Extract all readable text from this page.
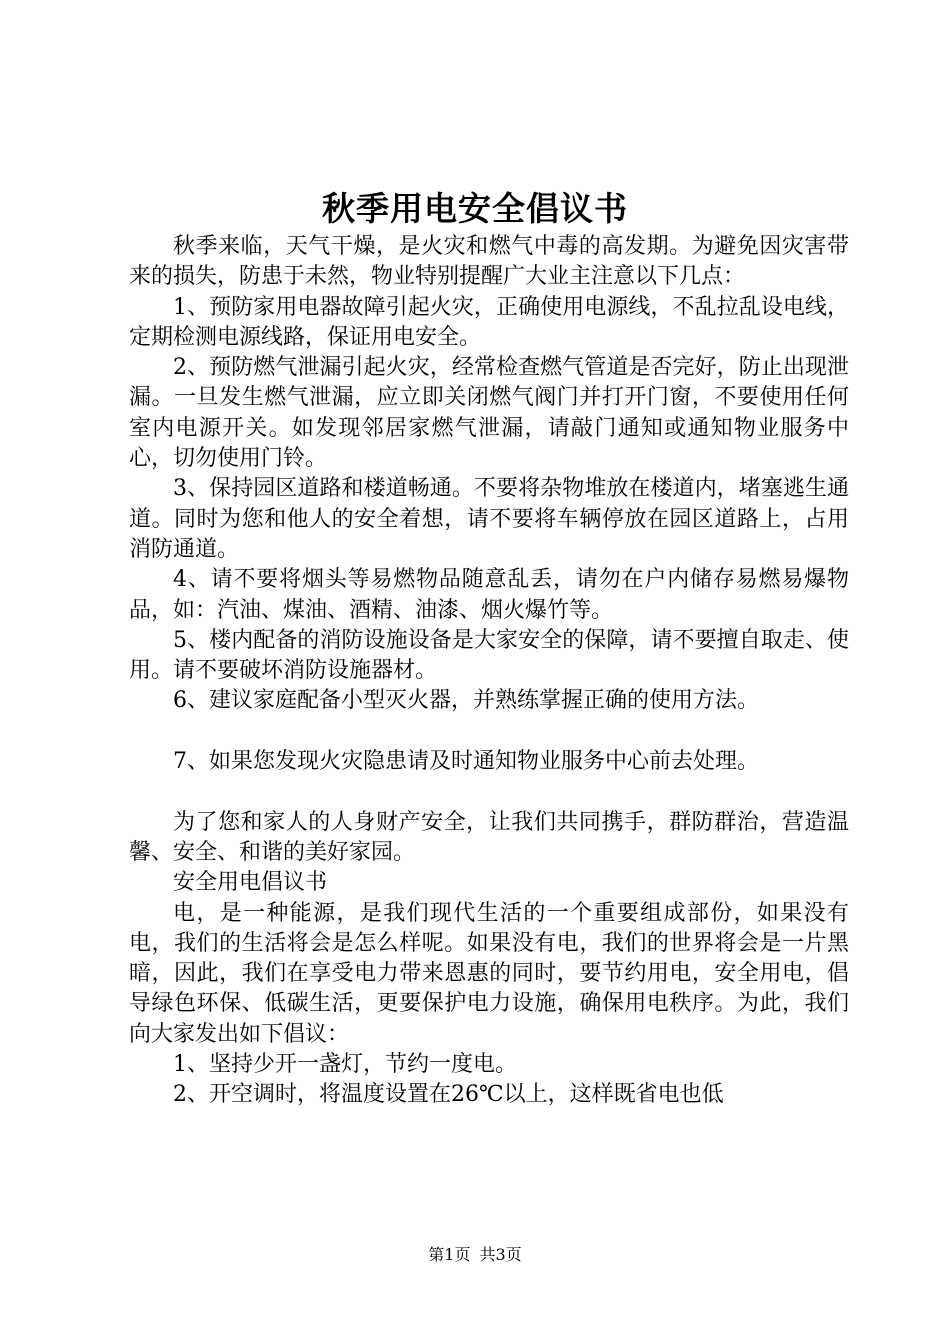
秋季用电安全倡议书

秋季来临，天气干燥，是火灾和燃气中毒的高发期。为避免因灾害带来的损失，防患于未然，物业特别提醒广大业主注意以下几点：

1、预防家用电器故障引起火灾，正确使用电源线，不乱拉乱设电线，定期检测电源线路，保证用电安全。

2、预防燃气泄漏引起火灾，经常检查燃气管道是否完好，防止出现泄漏。一旦发生燃气泄漏，应立即关闭燃气阀门并打开门窗，不要使用任何室内电源开关。如发现邻居家燃气泄漏，请敲门通知或通知物业服务中心，切勿使用门铃。

3、保持园区道路和楼道畅通。不要将杂物堆放在楼道内，堵塞逃生通道。同时为您和他人的安全着想，请不要将车辆停放在园区道路上，占用消防通道。

4、请不要将烟头等易燃物品随意乱丢，请勿在户内储存易燃易爆物品，如：汽油、煤油、酒精、油漆、烟火爆竹等。

5、楼内配备的消防设施设备是大家安全的保障，请不要擅自取走、使用。请不要破坏消防设施器材。

6、建议家庭配备小型灭火器，并熟练掌握正确的使用方法。

7、如果您发现火灾隐患请及时通知物业服务中心前去处理。

为了您和家人的人身财产安全，让我们共同携手，群防群治，营造温馨、安全、和谐的美好家园。

安全用电倡议书

电，是一种能源，是我们现代生活的一个重要组成部份，如果没有电，我们的生活将会是怎么样呢。如果没有电，我们的世界将会是一片黑暗，因此，我们在享受电力带来恩惠的同时，要节约用电，安全用电，倡导绿色环保、低碳生活，更要保护电力设施，确保用电秩序。为此，我们向大家发出如下倡议：

1、坚持少开一盏灯，节约一度电。

2、开空调时，将温度设置在26℃以上，这样既省电也低

第1页 共3页
